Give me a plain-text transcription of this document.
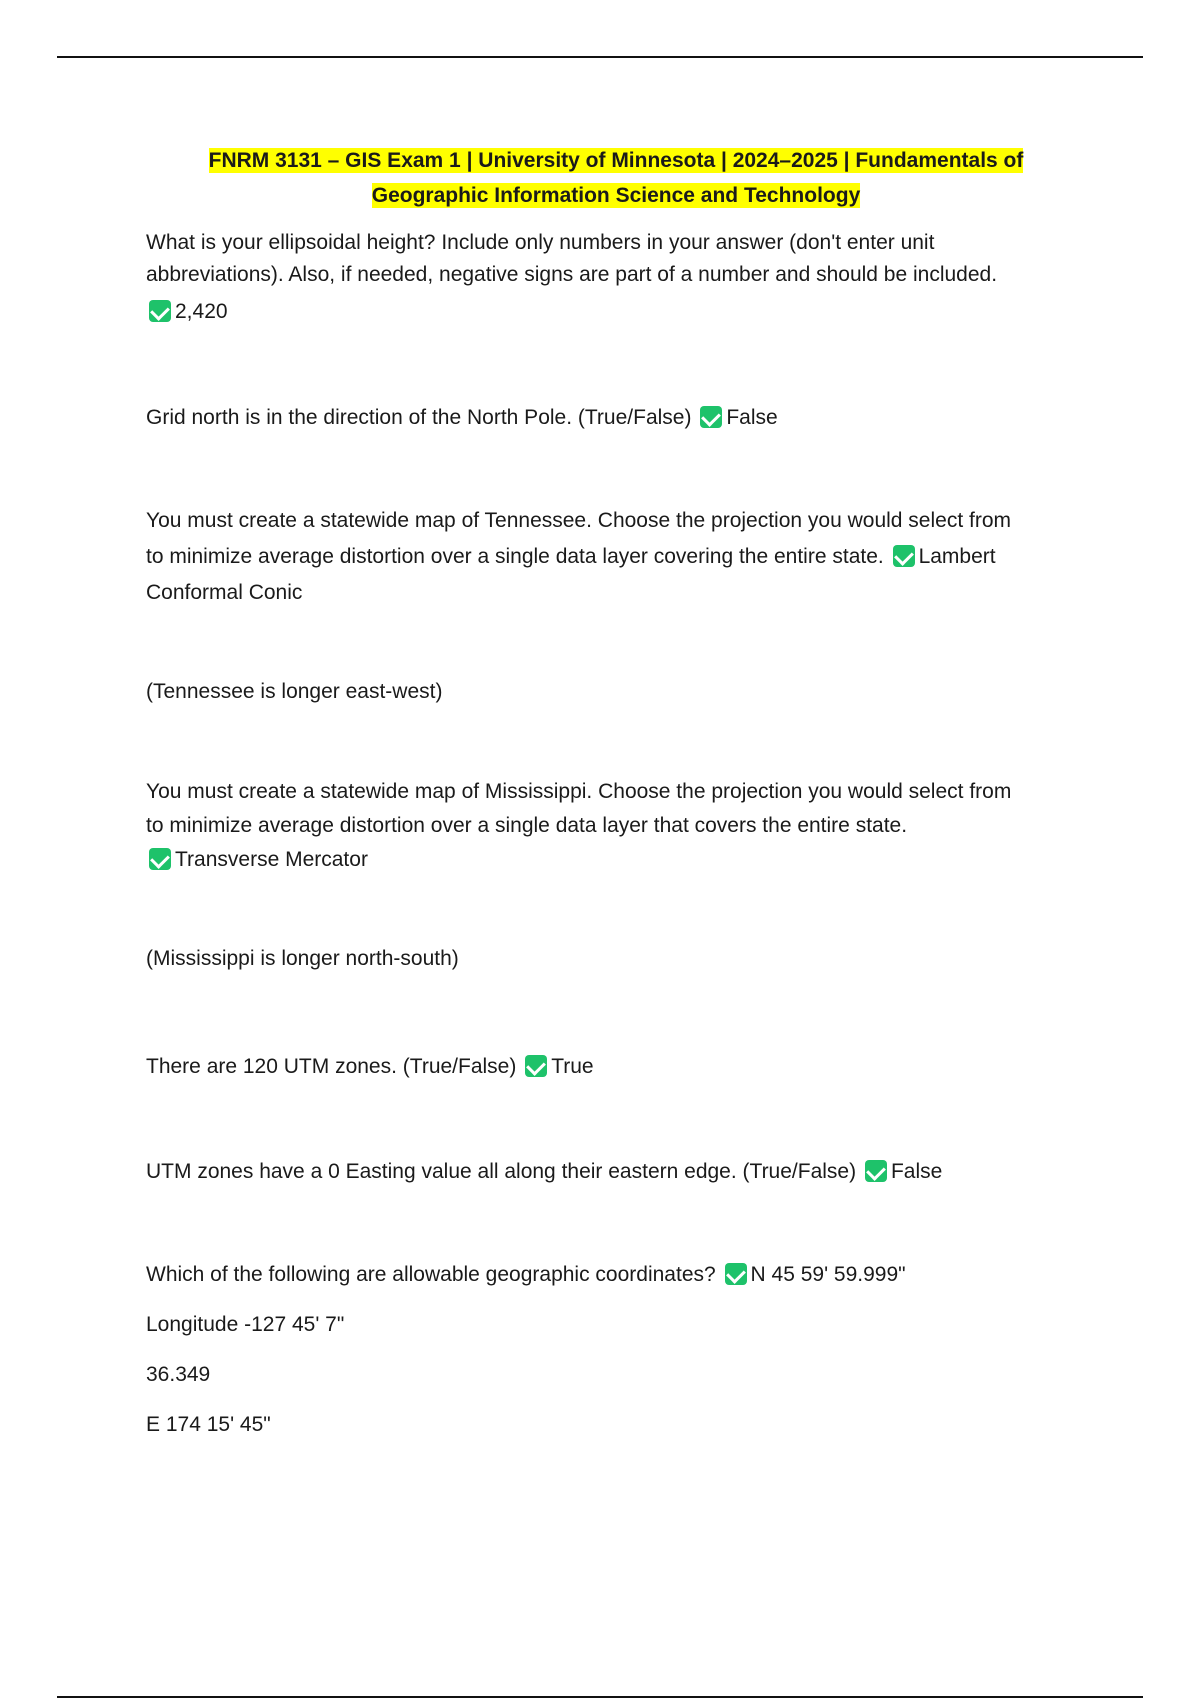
FNRM 3131 – GIS Exam 1 | University of Minnesota | 2024–2025 | Fundamentals of
Geographic Information Science and Technology

What is your ellipsoidal height? Include only numbers in your answer (don't enter unit
abbreviations). Also, if needed, negative signs are part of a number and should be included.

2,420

Grid north is in the direction of the North Pole. (True/False) False

You must create a statewide map of Tennessee. Choose the projection you would select from
to minimize average distortion over a single data layer covering the entire state. Lambert
Conformal Conic

(Tennessee is longer east-west)

You must create a statewide map of Mississippi. Choose the projection you would select from
to minimize average distortion over a single data layer that covers the entire state.
Transverse Mercator

(Mississippi is longer north-south)

There are 120 UTM zones. (True/False) True

UTM zones have a 0 Easting value all along their eastern edge. (True/False) False

Which of the following are allowable geographic coordinates? N 45 59' 59.999"

Longitude -127 45' 7"

36.349

E 174 15' 45"
